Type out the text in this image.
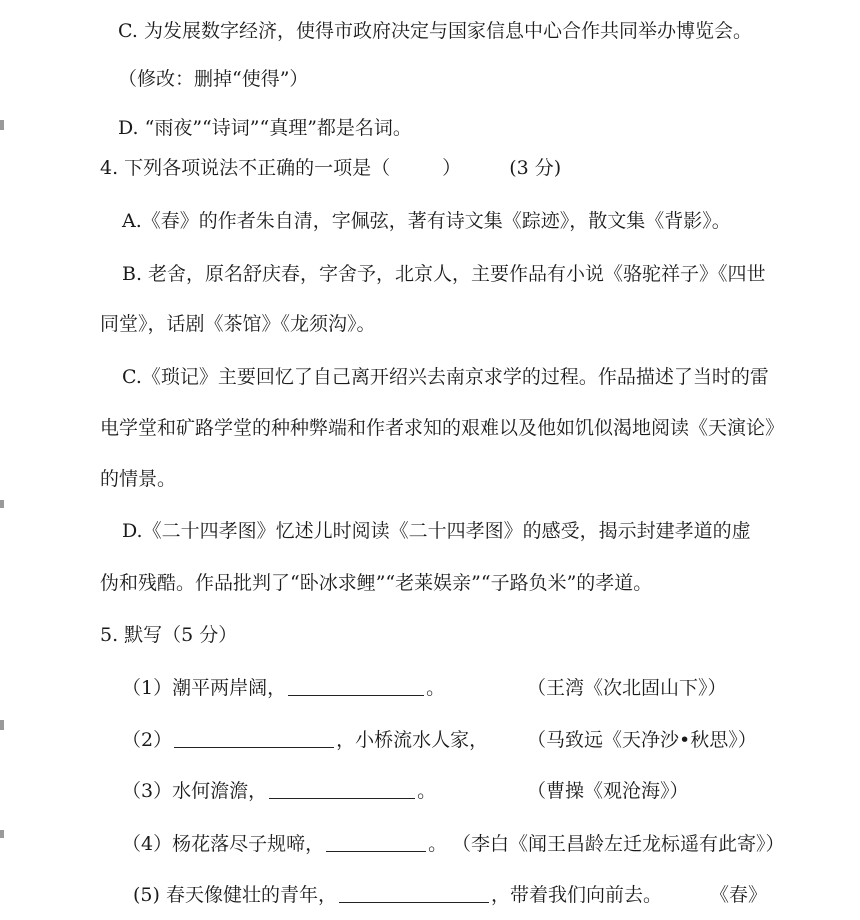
C. 为发展数字经济，使得市政府决定与国家信息中心合作共同举办博览会。
（修改：删掉“使得”）
D. “雨夜”“诗词”“真理”都是名词。
4. 下列各项说法不正确的一项是（	）	(3 分)
A.《春》的作者朱自清，字佩弦，著有诗文集《踪迹》，散文集《背影》。
B. 老舍，原名舒庆春，字舍予，北京人，主要作品有小说《骆驼祥子》《四世
同堂》，话剧《茶馆》《龙须沟》。
C.《琐记》主要回忆了自己离开绍兴去南京求学的过程。作品描述了当时的雷
电学堂和矿路学堂的种种弊端和作者求知的艰难以及他如饥似渴地阅读《天演论》
的情景。
D.《二十四孝图》忆述儿时阅读《二十四孝图》的感受，揭示封建孝道的虚
伪和残酷。作品批判了“卧冰求鲤”“老莱娱亲”“子路负米”的孝道。
5. 默写（5 分）
（1）潮平两岸阔，	。	（王湾《次北固山下》）
（2）	，小桥流水人家， （马致远《天净沙•秋思》）
（3）水何澹澹，	。	（曹操《观沧海》）
（4）杨花落尽子规啼，	。 （李白《闻王昌龄左迁龙标遥有此寄》）
(5) 春天像健壮的青年，	，带着我们向前去。	《春》
